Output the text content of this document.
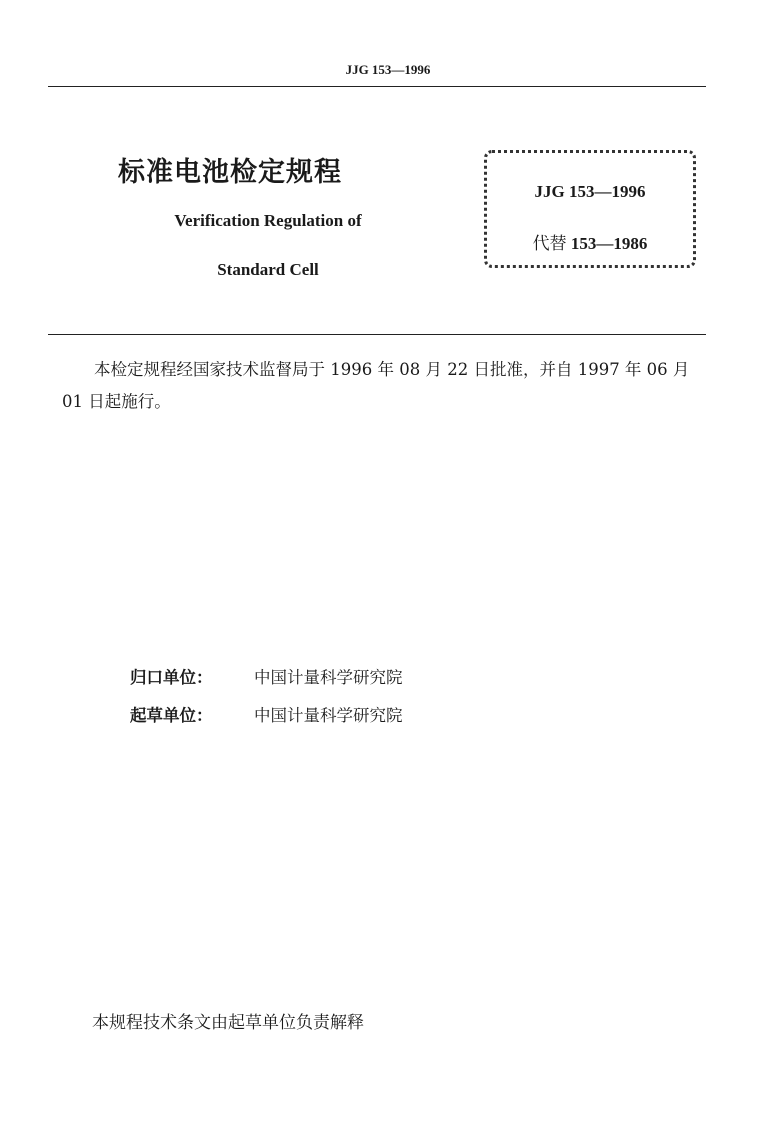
JJG 153—1996
标准电池检定规程
Verification Regulation of
Standard Cell
JJG 153—1996
代替 153—1986
本检定规程经国家技术监督局于 1996 年 08 月 22 日批准，并自 1997 年 06 月 01 日起施行。
归口单位：	中国计量科学研究院
起草单位：	中国计量科学研究院
本规程技术条文由起草单位负责解释
